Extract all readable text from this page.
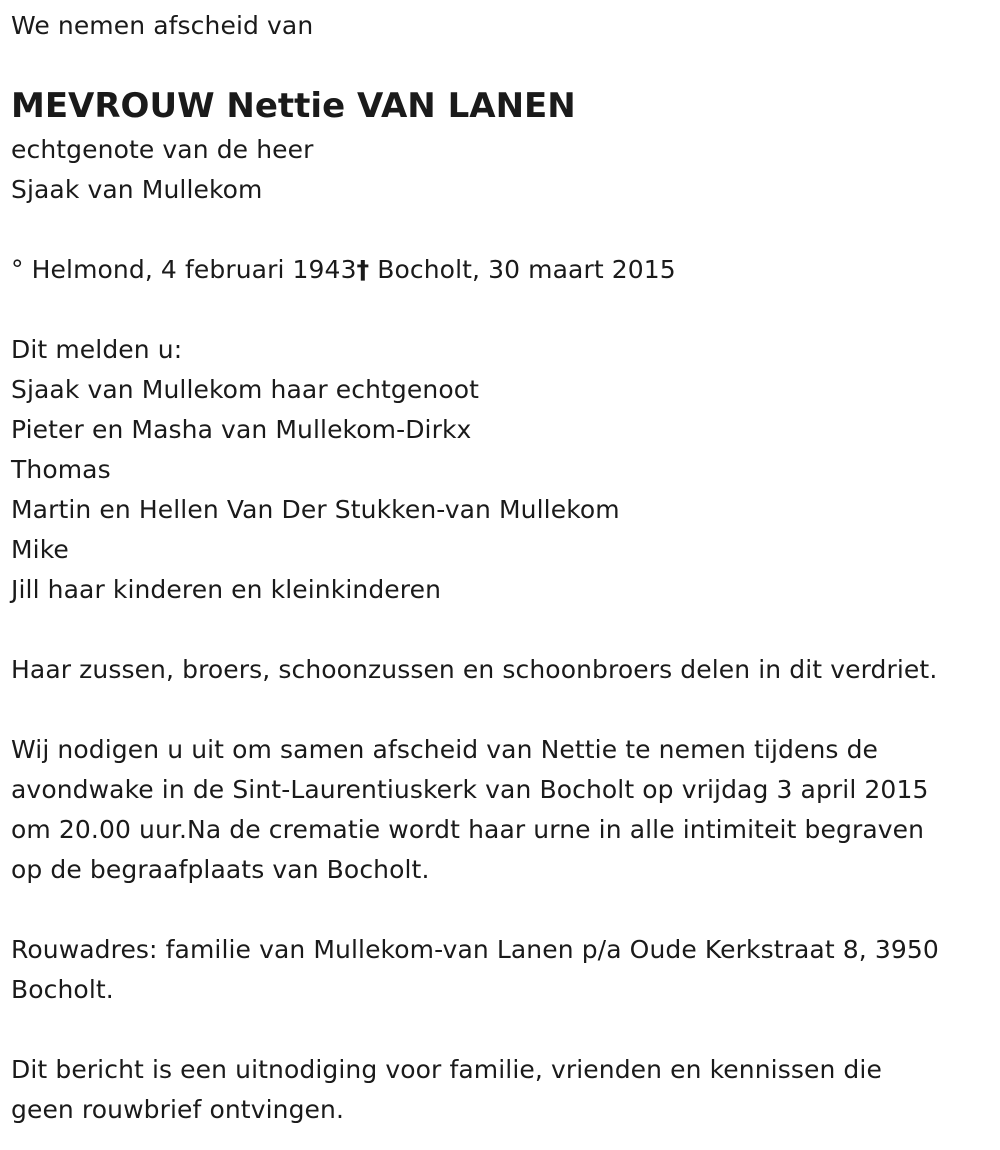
We nemen afscheid van
MEVROUW Nettie VAN LANEN
echtgenote van de heer
Sjaak van Mullekom
° Helmond, 4 februari 1943† Bocholt, 30 maart 2015
Dit melden u:
Sjaak van Mullekom haar echtgenoot
Pieter en Masha van Mullekom-Dirkx
Thomas
Martin en Hellen Van Der Stukken-van Mullekom
Mike
Jill haar kinderen en kleinkinderen
Haar zussen, broers, schoonzussen en schoonbroers delen in dit verdriet.
Wij nodigen u uit om samen afscheid van Nettie te nemen tijdens de
avondwake in de Sint-Laurentiuskerk van Bocholt op vrijdag 3 april 2015
om 20.00 uur.Na de crematie wordt haar urne in alle intimiteit begraven
op de begraafplaats van Bocholt.
Rouwadres: familie van Mullekom-van Lanen p/a Oude Kerkstraat 8, 3950
Bocholt.
Dit bericht is een uitnodiging voor familie, vrienden en kennissen die
geen rouwbrief ontvingen.
